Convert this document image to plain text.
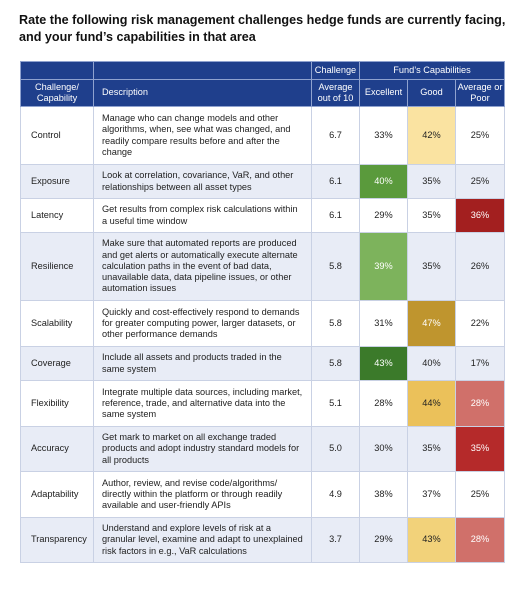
Rate the following risk management challenges hedge funds are currently facing, and your fund’s capabilities in that area
		Challenge	Fund’s Capabilities		
Challenge/ Capability	Description	Average out of 10	Excellent	Good	Average or Poor
Control	Manage who can change models and other algorithms, when, see what was changed, and readily compare results before and after the change	6.7	33%	42%	25%
Exposure	Look at correlation, covariance, VaR, and other relationships between all asset types	6.1	40%	35%	25%
Latency	Get results from complex risk calculations within a useful time window	6.1	29%	35%	36%
Resilience	Make sure that automated reports are produced and get alerts or automatically execute alternate calculation paths in the event of bad data, unavailable data, data pipeline issues, or other automation issues	5.8	39%	35%	26%
Scalability	Quickly and cost-effectively respond to demands for greater computing power, larger datasets, or other performance demands	5.8	31%	47%	22%
Coverage	Include all assets and products traded in the same system	5.8	43%	40%	17%
Flexibility	Integrate multiple data sources, including market, reference, trade, and alternative data into the same system	5.1	28%	44%	28%
Accuracy	Get mark to market on all exchange traded products and adopt industry standard models for all products	5.0	30%	35%	35%
Adaptability	Author, review, and revise code/algorithms/ directly within the platform or through readily available and user-friendly APIs	4.9	38%	37%	25%
Transparency	Understand and explore levels of risk at a granular level, examine and adapt to unexplained risk factors in e.g., VaR calculations	3.7	29%	43%	28%
